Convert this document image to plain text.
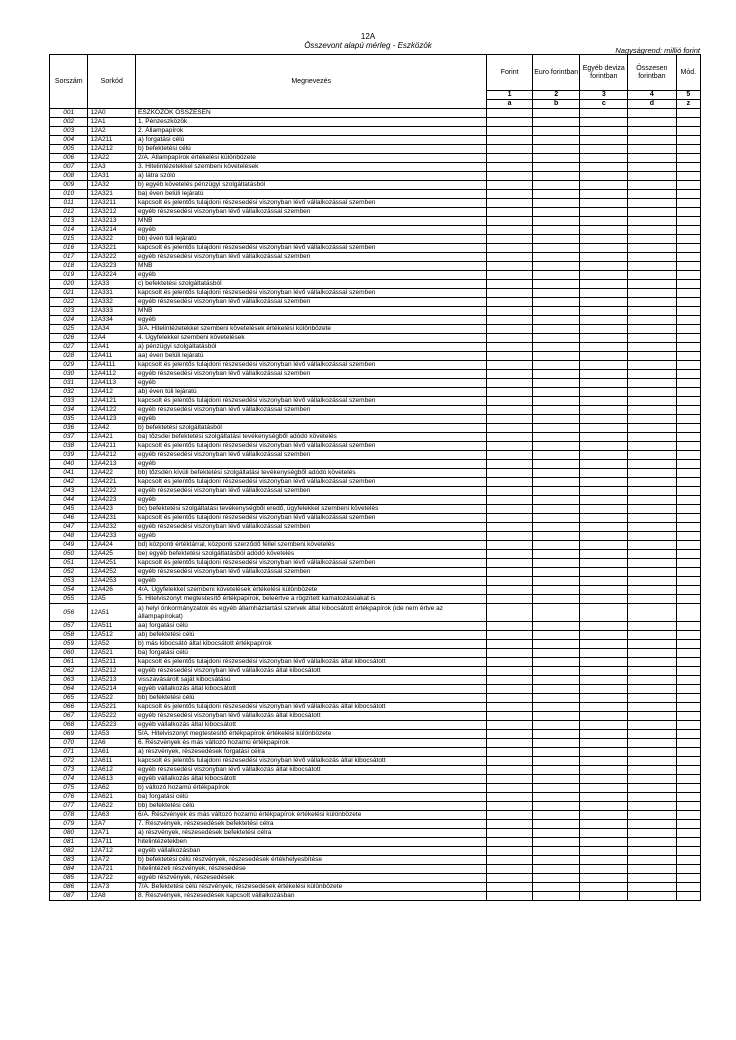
12A
Összevont alapú mérleg - Eszközök
Nagyságrend: millió forint
Sorszám	Sorkód	Megnevezés	Forint	Euro forintban	Egyéb deviza forintban	Összesen forintban	Mód.
			1	2	3	4	5
			a	b	c	d	z
001	12A0	ESZKÖZÖK ÖSSZESEN					
002	12A1	1. Pénzeszközök					
003	12A2	2. Állampapírok					
004	12A211	a) forgatási célú					
005	12A212	b) befektetési célú					
006	12A22	2/A. Állampapírok értékelési különbözete					
007	12A3	3. Hitelintézetekkel szembeni követelések					
008	12A31	a) látra szóló					
009	12A32	b) egyéb követelés pénzügyi szolgáltatásból					
010	12A321	ba) éven belüli lejáratú					
011	12A3211	kapcsolt és jelentős tulajdoni részesedési viszonyban lévő vállalkozással szemben					
012	12A3212	egyéb részesedési viszonyban lévő vállalkozással szemben					
013	12A3213	MNB					
014	12A3214	egyéb					
015	12A322	bb) éven túli lejáratú					
016	12A3221	kapcsolt és jelentős tulajdoni részesedési viszonyban lévő vállalkozással szemben					
017	12A3222	egyéb részesedési viszonyban lévő vállalkozással szemben					
018	12A3223	MNB					
019	12A3224	egyéb					
020	12A33	c) befektetési szolgáltatásból					
021	12A331	kapcsolt és jelentős tulajdoni részesedési viszonyban lévő vállalkozással szemben					
022	12A332	egyéb részesedési viszonyban lévő vállalkozással szemben					
023	12A333	MNB					
024	12A334	egyéb					
025	12A34	3/A. Hitelintézetekkel szembeni követelések értékelési különbözete					
026	12A4	4. Ügyfelekkel szembeni követelések					
027	12A41	a) pénzügyi szolgáltatásból					
028	12A411	aa) éven belüli lejáratú					
029	12A4111	kapcsolt és jelentős tulajdoni részesedési viszonyban lévő vállalkozással szemben					
030	12A4112	egyéb részesedési viszonyban lévő vállalkozással szemben					
031	12A4113	egyéb					
032	12A412	ab) éven túli lejáratú					
033	12A4121	kapcsolt és jelentős tulajdoni részesedési viszonyban lévő vállalkozással szemben					
034	12A4122	egyéb részesedési viszonyban lévő vállalkozással szemben					
035	12A4123	egyéb					
036	12A42	b) befektetési szolgáltatásból					
037	12A421	ba) tőzsdei befektetési szolgáltatási tevékenységből adódó követelés					
038	12A4211	kapcsolt és jelentős tulajdoni részesedési viszonyban lévő vállalkozással szemben					
039	12A4212	egyéb részesedési viszonyban lévő vállalkozással szemben					
040	12A4213	egyéb					
041	12A422	bb) tőzsdén kívüli befektetési szolgáltatási tevékenységből adódó követelés					
042	12A4221	kapcsolt és jelentős tulajdoni részesedési viszonyban lévő vállalkozással szemben					
043	12A4222	egyéb részesedési viszonyban lévő vállalkozással szemben					
044	12A4223	egyéb					
045	12A423	bc) befektetési szolgáltatási tevékenységből eredő, ügyfelekkel szembeni követelés					
046	12A4231	kapcsolt és jelentős tulajdoni részesedési viszonyban lévő vállalkozással szemben					
047	12A4232	egyéb részesedési viszonyban lévő vállalkozással szemben					
048	12A4233	egyéb					
049	12A424	bd) központi értéktárral, központi szerződő féllel szembeni követelés					
050	12A425	be) egyéb befektetési szolgáltatásból adódó követelés					
051	12A4251	kapcsolt és jelentős tulajdoni részesedési viszonyban lévő vállalkozással szemben					
052	12A4252	egyéb részesedési viszonyban lévő vállalkozással szemben					
053	12A4253	egyéb					
054	12A426	4/A. Ügyfelekkel szembeni követelések értékelési különbözete					
055	12A5	5. Hitelviszonyt megtestesítő értékpapírok, beleértve a rögzített kamatozásúakat is					
056	12A51	a) helyi önkormányzatok és egyéb államháztartási szervek által kibocsátott értékpapírok (ide nem értve az állampapírokat)					
057	12A511	aa) forgatási célú					
058	12A512	ab) befektetési célú					
059	12A52	b) más kibocsátó által kibocsátott értékpapírok					
060	12A521	ba) forgatási célú					
061	12A5211	kapcsolt és jelentős tulajdoni részesedési viszonyban lévő vállalkozás által kibocsátott					
062	12A5212	egyéb részesedési viszonyban lévő vállalkozás által kibocsátott					
063	12A5213	visszavásárolt saját kibocsátású					
064	12A5214	egyéb vállalkozás által kibocsátott					
065	12A522	bb) befektetési célú					
066	12A5221	kapcsolt és jelentős tulajdoni részesedési viszonyban lévő vállalkozás által kibocsátott					
067	12A5222	egyéb részesedési viszonyban lévő vállalkozás által kibocsátott					
068	12A5223	egyéb vállalkozás által kibocsátott					
069	12A53	5/A. Hitelviszonyt megtestesítő értékpapírok értékelési különbözete					
070	12A6	6. Részvények és más változó hozamú értékpapírok					
071	12A61	a) részvények, részesedések forgatási célra					
072	12A611	kapcsolt és jelentős tulajdoni részesedési viszonyban lévő vállalkozás által kibocsátott					
073	12A612	egyéb részesedési viszonyban lévő vállalkozás által kibocsátott					
074	12A613	egyéb vállalkozás által kibocsátott					
075	12A62	b) változó hozamú értékpapírok					
076	12A621	ba) forgatási célú					
077	12A622	bb) befektetési célú					
078	12A63	6/A. Részvények és más változó hozamú értékpapírok értékelési különbözete					
079	12A7	7. Részvények, részesedések befektetési célra					
080	12A71	a) részvények, részesedések befektetési célra					
081	12A711	hitelintézetekben					
082	12A712	egyéb vállalkozásban					
083	12A72	b) befektetési célú részvények, részesedések értékhelyesbítése					
084	12A721	hitelintézeti részvények, részesedése					
085	12A722	egyéb részvények, részesedések					
086	12A73	7/A. Befektetési célú részvények, részesedések értékelési különbözete					
087	12A8	8. Részvények, részesedések kapcsolt vállalkozásban					
